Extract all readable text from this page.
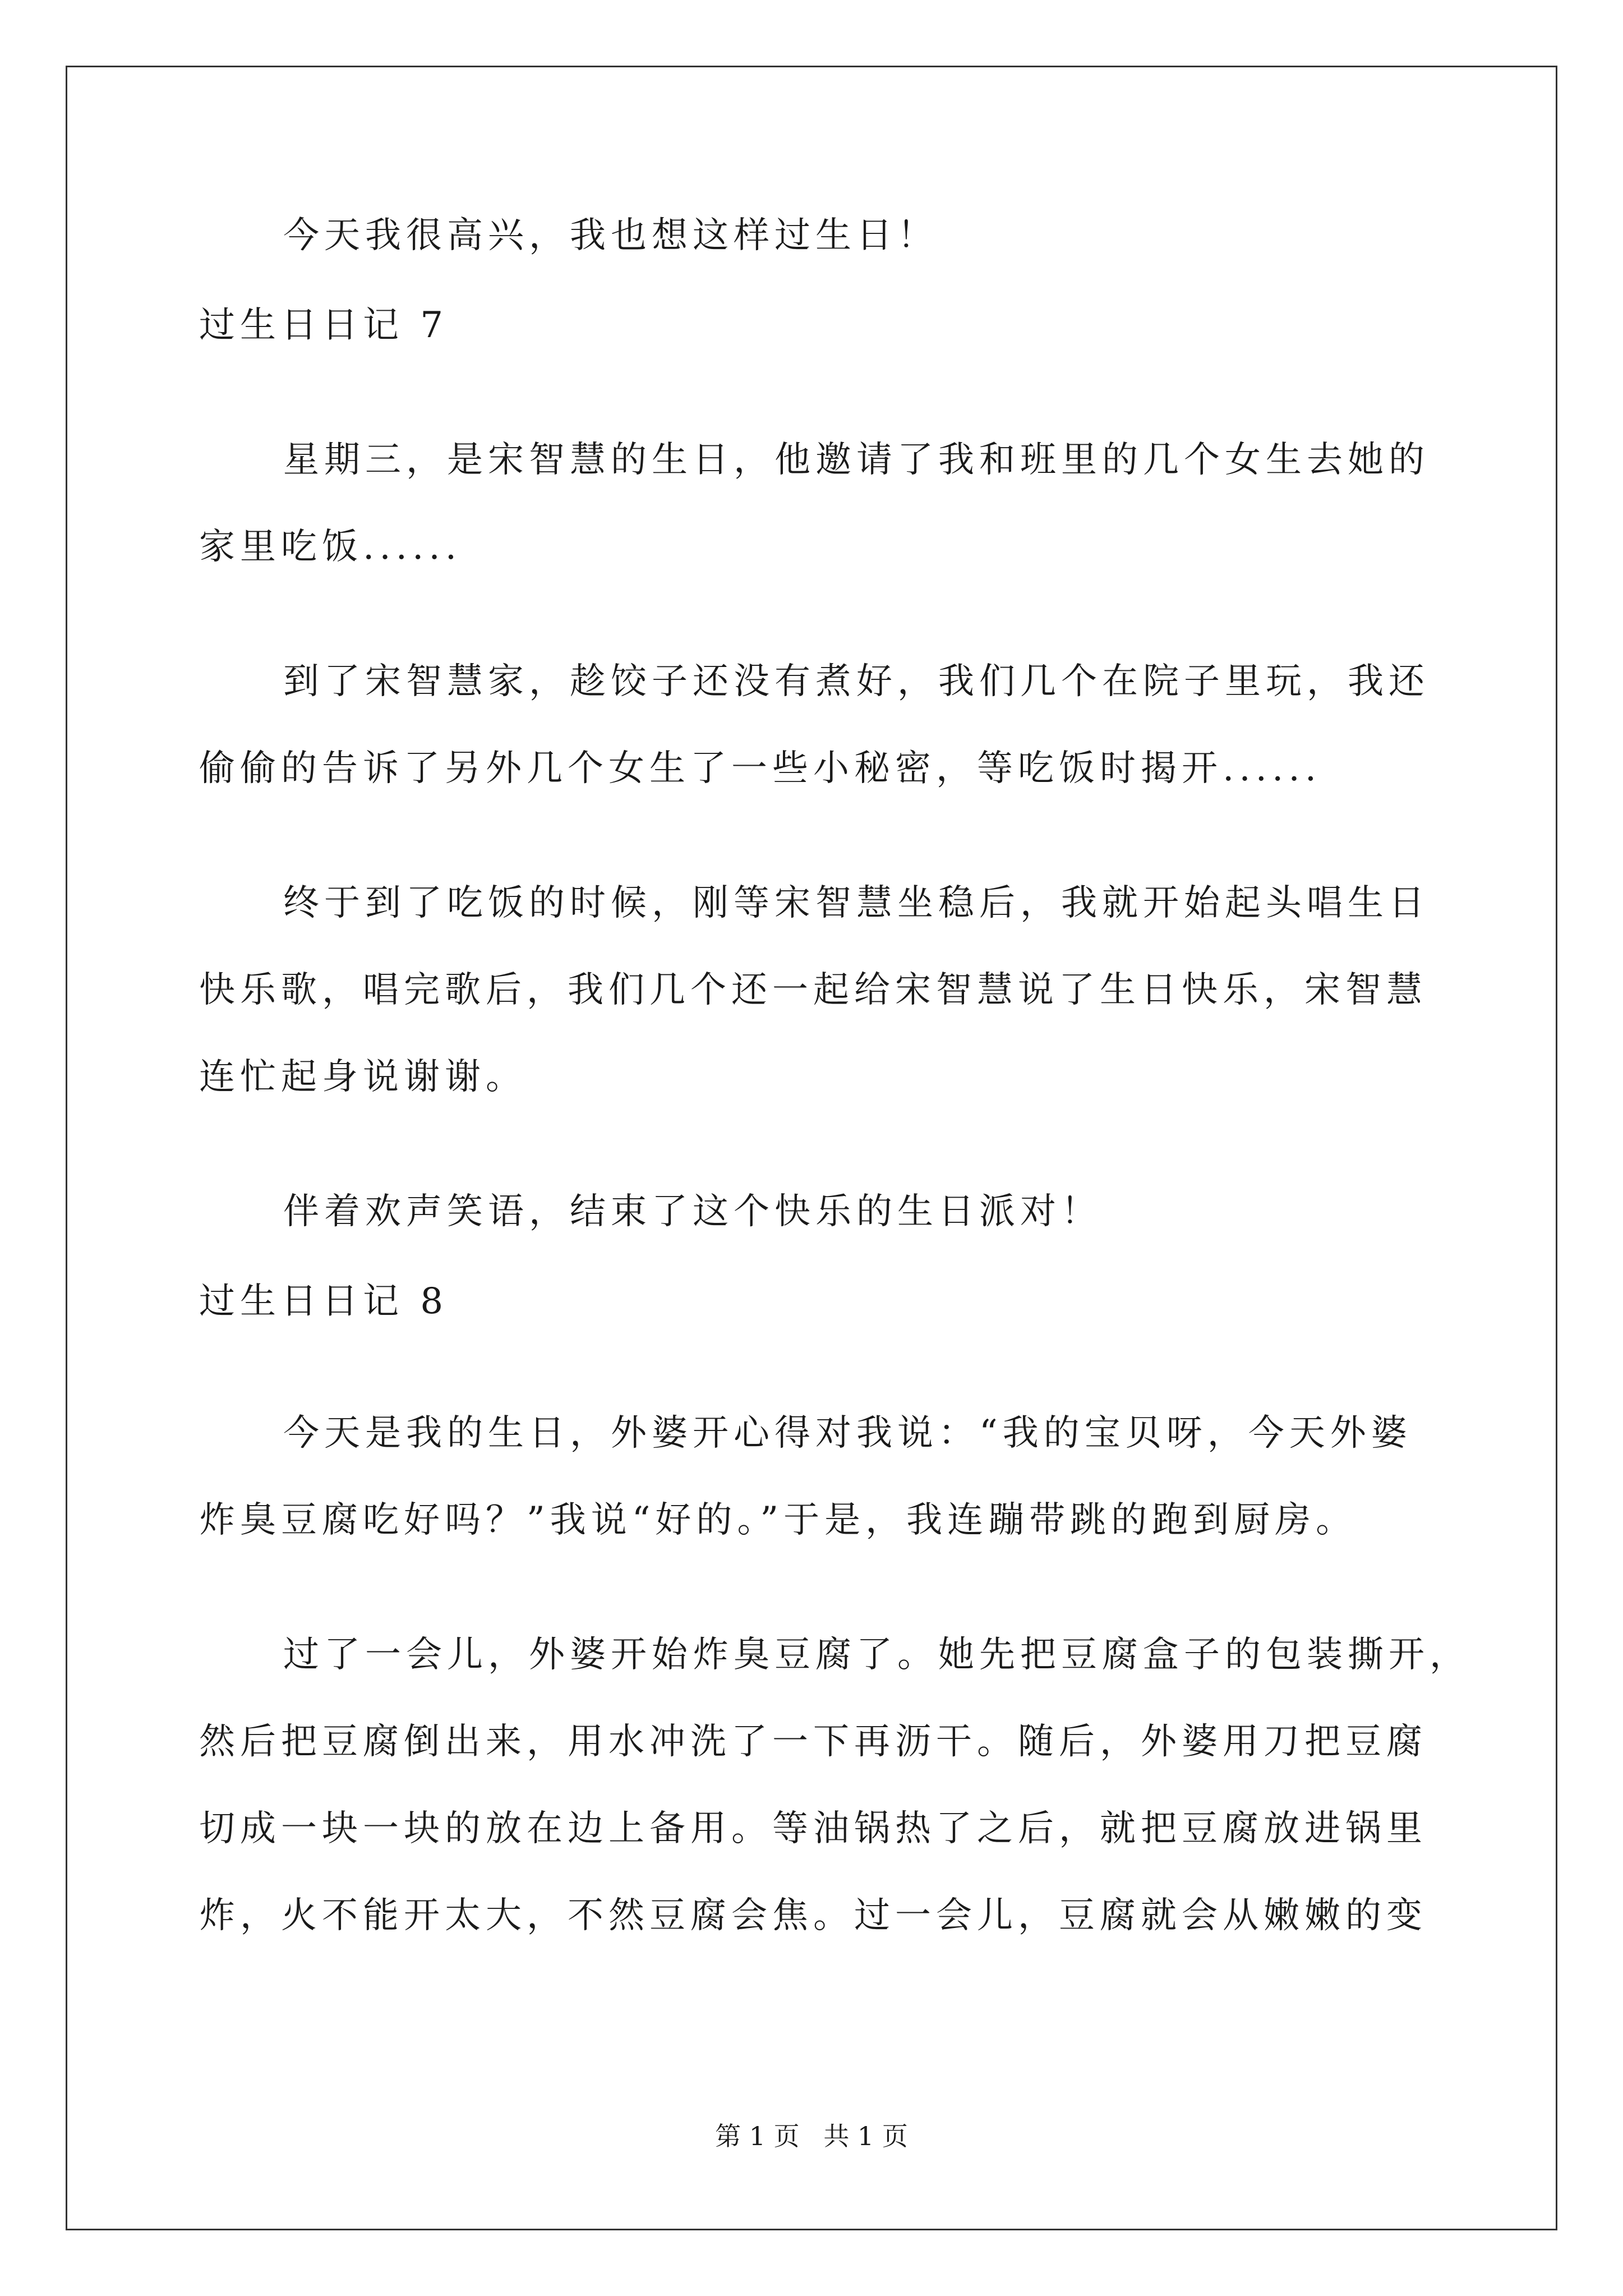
今天我很高兴，我也想这样过生日！
过生日日记 7
星期三，是宋智慧的生日，他邀请了我和班里的几个女生去她的
家里吃饭......
到了宋智慧家，趁饺子还没有煮好，我们几个在院子里玩，我还
偷偷的告诉了另外几个女生了一些小秘密，等吃饭时揭开......
终于到了吃饭的时候，刚等宋智慧坐稳后，我就开始起头唱生日
快乐歌，唱完歌后，我们几个还一起给宋智慧说了生日快乐，宋智慧
连忙起身说谢谢。
伴着欢声笑语，结束了这个快乐的生日派对！
过生日日记 8
今天是我的生日，外婆开心得对我说：“我的宝贝呀，今天外婆
炸臭豆腐吃好吗？”我说“好的。”于是，我连蹦带跳的跑到厨房。
过了一会儿，外婆开始炸臭豆腐了。她先把豆腐盒子的包装撕开，
然后把豆腐倒出来，用水冲洗了一下再沥干。随后，外婆用刀把豆腐
切成一块一块的放在边上备用。等油锅热了之后，就把豆腐放进锅里
炸，火不能开太大，不然豆腐会焦。过一会儿，豆腐就会从嫩嫩的变
第 1 页 共 1 页
